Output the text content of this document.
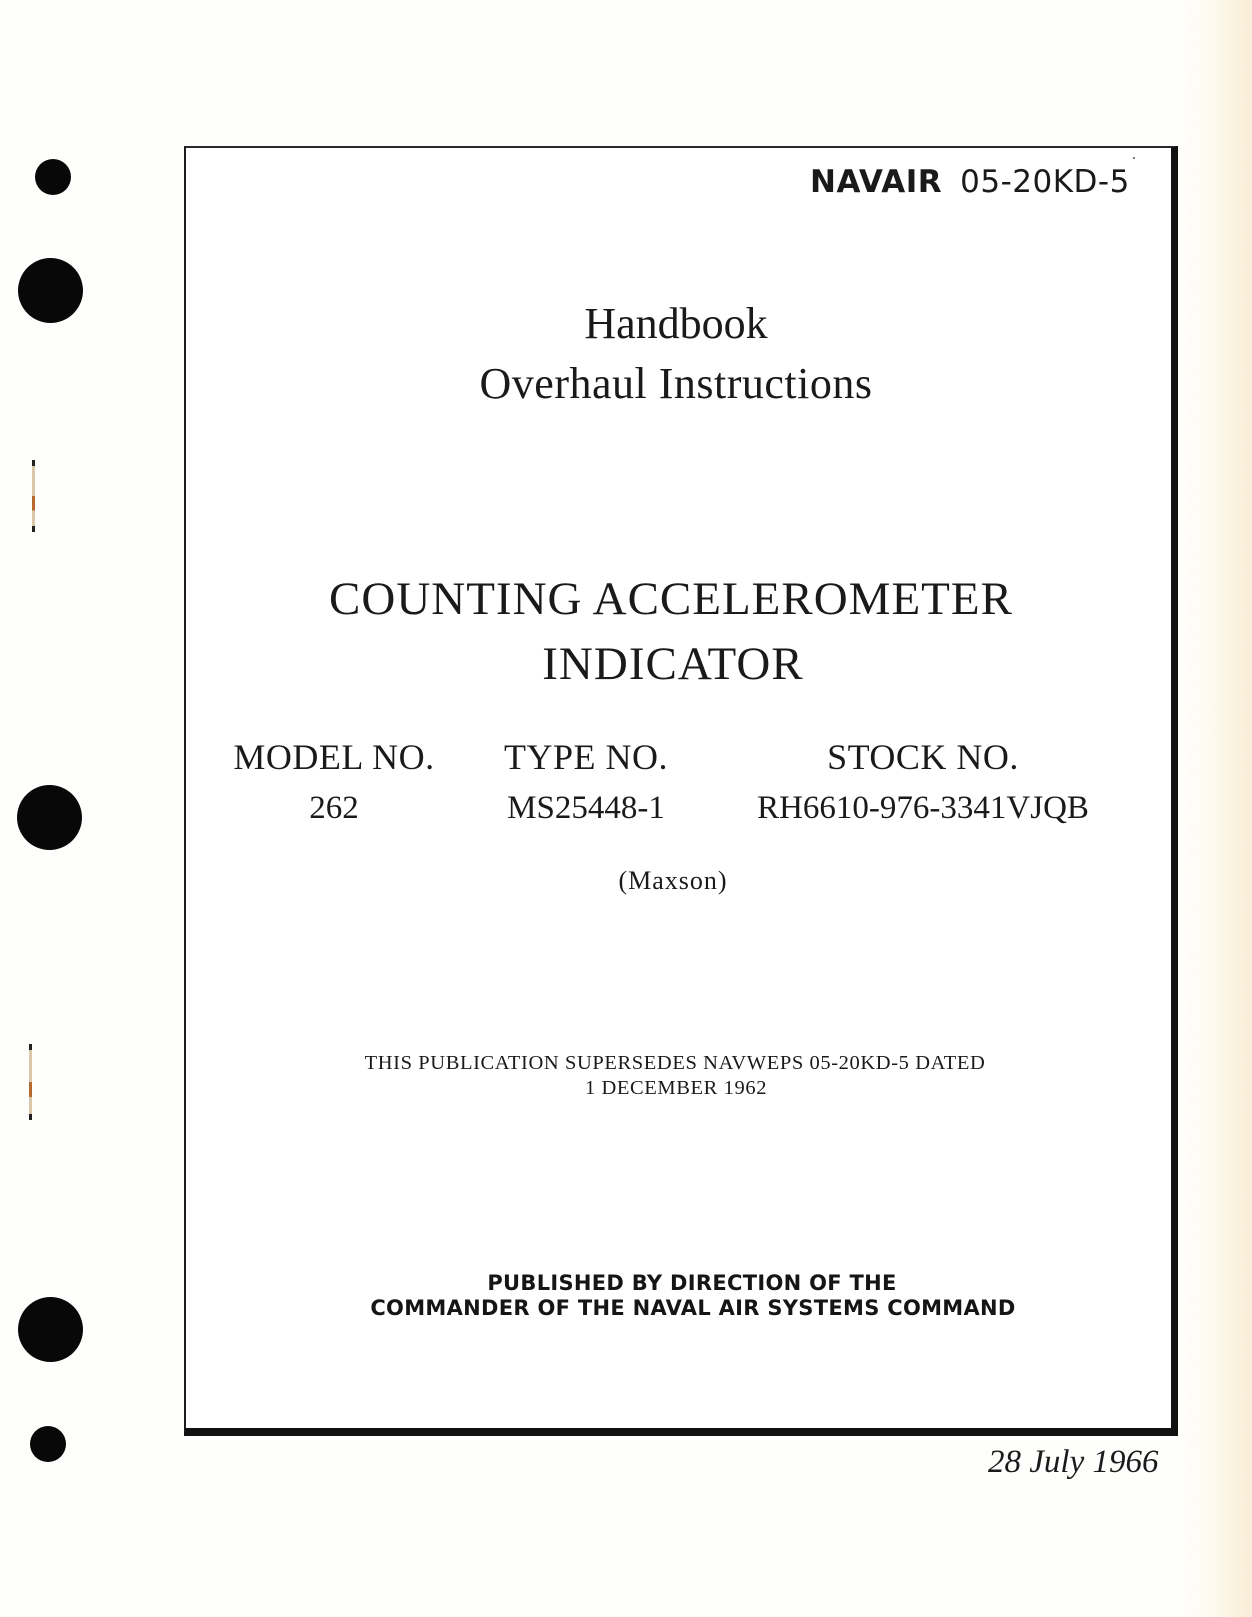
NAVAIR 05-20KD-5
Handbook
Overhaul Instructions
COUNTING ACCELEROMETER
INDICATOR
MODEL NO.
262
TYPE NO.
MS25448-1
STOCK NO.
RH6610-976-3341VJQB
(Maxson)
THIS PUBLICATION SUPERSEDES NAVWEPS 05-20KD-5 DATED
1 DECEMBER 1962
PUBLISHED BY DIRECTION OF THE
COMMANDER OF THE NAVAL AIR SYSTEMS COMMAND
28 July 1966
